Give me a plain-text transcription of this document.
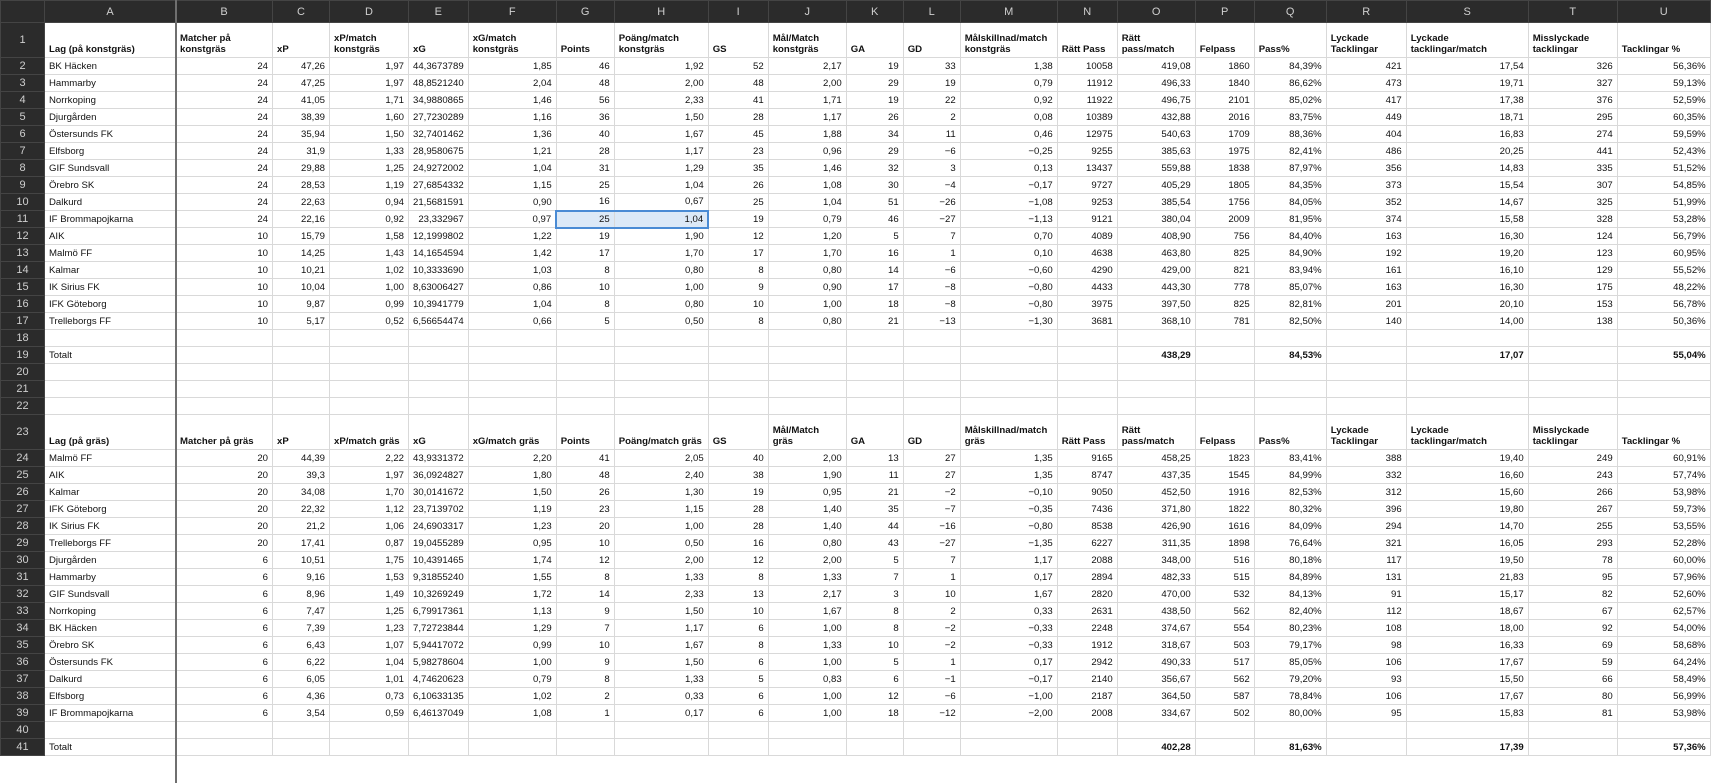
	A	B	C	D	E	F	G	H	I	J	K	L	M	N	O	P	Q	R	S	T	U
1	Lag (på konstgräs)	Matcher på konstgräs	xP	xP/match konstgräs	xG	xG/match konstgräs	Points	Poäng/match konstgräs	GS	Mål/Match konstgräs	GA	GD	Målskillnad/match konstgräs	Rätt Pass	Rätt pass/match	Felpass	Pass%	Lyckade Tacklingar	Lyckade tacklingar/match	Misslyckade tacklingar	Tacklingar %
2	BK Häcken	24	47,26	1,97	44,3673789	1,85	46	1,92	52	2,17	19	33	1,38	10058	419,08	1860	84,39%	421	17,54	326	56,36%
3	Hammarby	24	47,25	1,97	48,8521240	2,04	48	2,00	48	2,00	29	19	0,79	11912	496,33	1840	86,62%	473	19,71	327	59,13%
4	Norrkoping	24	41,05	1,71	34,9880865	1,46	56	2,33	41	1,71	19	22	0,92	11922	496,75	2101	85,02%	417	17,38	376	52,59%
5	Djurgården	24	38,39	1,60	27,7230289	1,16	36	1,50	28	1,17	26	2	0,08	10389	432,88	2016	83,75%	449	18,71	295	60,35%
6	Östersunds FK	24	35,94	1,50	32,7401462	1,36	40	1,67	45	1,88	34	11	0,46	12975	540,63	1709	88,36%	404	16,83	274	59,59%
7	Elfsborg	24	31,9	1,33	28,9580675	1,21	28	1,17	23	0,96	29	−6	−0,25	9255	385,63	1975	82,41%	486	20,25	441	52,43%
8	GIF Sundsvall	24	29,88	1,25	24,9272002	1,04	31	1,29	35	1,46	32	3	0,13	13437	559,88	1838	87,97%	356	14,83	335	51,52%
9	Örebro SK	24	28,53	1,19	27,6854332	1,15	25	1,04	26	1,08	30	−4	−0,17	9727	405,29	1805	84,35%	373	15,54	307	54,85%
10	Dalkurd	24	22,63	0,94	21,5681591	0,90	16	0,67	25	1,04	51	−26	−1,08	9253	385,54	1756	84,05%	352	14,67	325	51,99%
11	IF Brommapojkarna	24	22,16	0,92	23,332967	0,97	25	1,04	19	0,79	46	−27	−1,13	9121	380,04	2009	81,95%	374	15,58	328	53,28%
12	AIK	10	15,79	1,58	12,1999802	1,22	19	1,90	12	1,20	5	7	0,70	4089	408,90	756	84,40%	163	16,30	124	56,79%
13	Malmö FF	10	14,25	1,43	14,1654594	1,42	17	1,70	17	1,70	16	1	0,10	4638	463,80	825	84,90%	192	19,20	123	60,95%
14	Kalmar	10	10,21	1,02	10,3333690	1,03	8	0,80	8	0,80	14	−6	−0,60	4290	429,00	821	83,94%	161	16,10	129	55,52%
15	IK Sirius FK	10	10,04	1,00	8,63006427	0,86	10	1,00	9	0,90	17	−8	−0,80	4433	443,30	778	85,07%	163	16,30	175	48,22%
16	IFK Göteborg	10	9,87	0,99	10,3941779	1,04	8	0,80	10	1,00	18	−8	−0,80	3975	397,50	825	82,81%	201	20,10	153	56,78%
17	Trelleborgs FF	10	5,17	0,52	6,56654474	0,66	5	0,50	8	0,80	21	−13	−1,30	3681	368,10	781	82,50%	140	14,00	138	50,36%
18																					
19	Totalt														438,29		84,53%		17,07		55,04%
20																					
21																					
22																					
23	Lag (på gräs)	Matcher på gräs	xP	xP/match gräs	xG	xG/match gräs	Points	Poäng/match gräs	GS	Mål/Match gräs	GA	GD	Målskillnad/match gräs	Rätt Pass	Rätt pass/match	Felpass	Pass%	Lyckade Tacklingar	Lyckade tacklingar/match	Misslyckade tacklingar	Tacklingar %
24	Malmö FF	20	44,39	2,22	43,9331372	2,20	41	2,05	40	2,00	13	27	1,35	9165	458,25	1823	83,41%	388	19,40	249	60,91%
25	AIK	20	39,3	1,97	36,0924827	1,80	48	2,40	38	1,90	11	27	1,35	8747	437,35	1545	84,99%	332	16,60	243	57,74%
26	Kalmar	20	34,08	1,70	30,0141672	1,50	26	1,30	19	0,95	21	−2	−0,10	9050	452,50	1916	82,53%	312	15,60	266	53,98%
27	IFK Göteborg	20	22,32	1,12	23,7139702	1,19	23	1,15	28	1,40	35	−7	−0,35	7436	371,80	1822	80,32%	396	19,80	267	59,73%
28	IK Sirius FK	20	21,2	1,06	24,6903317	1,23	20	1,00	28	1,40	44	−16	−0,80	8538	426,90	1616	84,09%	294	14,70	255	53,55%
29	Trelleborgs FF	20	17,41	0,87	19,0455289	0,95	10	0,50	16	0,80	43	−27	−1,35	6227	311,35	1898	76,64%	321	16,05	293	52,28%
30	Djurgården	6	10,51	1,75	10,4391465	1,74	12	2,00	12	2,00	5	7	1,17	2088	348,00	516	80,18%	117	19,50	78	60,00%
31	Hammarby	6	9,16	1,53	9,31855240	1,55	8	1,33	8	1,33	7	1	0,17	2894	482,33	515	84,89%	131	21,83	95	57,96%
32	GIF Sundsvall	6	8,96	1,49	10,3269249	1,72	14	2,33	13	2,17	3	10	1,67	2820	470,00	532	84,13%	91	15,17	82	52,60%
33	Norrkoping	6	7,47	1,25	6,79917361	1,13	9	1,50	10	1,67	8	2	0,33	2631	438,50	562	82,40%	112	18,67	67	62,57%
34	BK Häcken	6	7,39	1,23	7,72723844	1,29	7	1,17	6	1,00	8	−2	−0,33	2248	374,67	554	80,23%	108	18,00	92	54,00%
35	Örebro SK	6	6,43	1,07	5,94417072	0,99	10	1,67	8	1,33	10	−2	−0,33	1912	318,67	503	79,17%	98	16,33	69	58,68%
36	Östersunds FK	6	6,22	1,04	5,98278604	1,00	9	1,50	6	1,00	5	1	0,17	2942	490,33	517	85,05%	106	17,67	59	64,24%
37	Dalkurd	6	6,05	1,01	4,74620623	0,79	8	1,33	5	0,83	6	−1	−0,17	2140	356,67	562	79,20%	93	15,50	66	58,49%
38	Elfsborg	6	4,36	0,73	6,10633135	1,02	2	0,33	6	1,00	12	−6	−1,00	2187	364,50	587	78,84%	106	17,67	80	56,99%
39	IF Brommapojkarna	6	3,54	0,59	6,46137049	1,08	1	0,17	6	1,00	18	−12	−2,00	2008	334,67	502	80,00%	95	15,83	81	53,98%
40																					
41	Totalt														402,28		81,63%		17,39		57,36%
